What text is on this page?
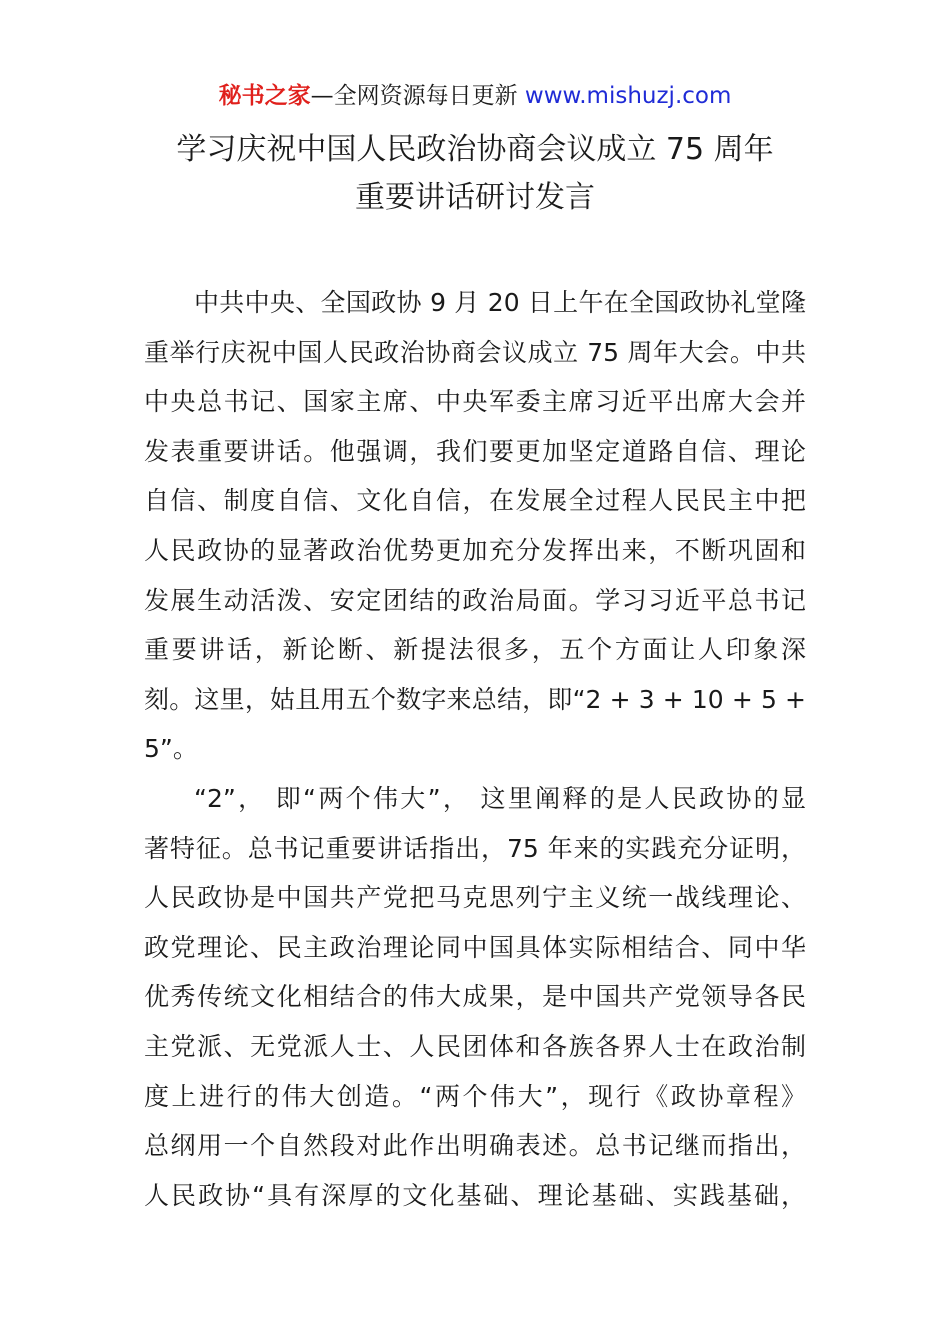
秘书之家—全网资源每日更新 www.mishuzj.com
学习庆祝中国人民政治协商会议成立 75 周年
重要讲话研讨发言
中共中央、全国政协 9 月 20 日上午在全国政协礼堂隆
重举行庆祝中国人民政治协商会议成立 75 周年大会。中共
中央总书记、国家主席、中央军委主席习近平出席大会并
发表重要讲话。他强调，我们要更加坚定道路自信、理论
自信、制度自信、文化自信，在发展全过程人民民主中把
人民政协的显著政治优势更加充分发挥出来，不断巩固和
发展生动活泼、安定团结的政治局面。学习习近平总书记
重要讲话，新论断、新提法很多，五个方面让人印象深
刻。这里，姑且用五个数字来总结，即“2 + 3 + 10 + 5 +
5”。
“2”， 即“两个伟大”， 这里阐释的是人民政协的显
著特征。总书记重要讲话指出，75 年来的实践充分证明，
人民政协是中国共产党把马克思列宁主义统一战线理论、
政党理论、民主政治理论同中国具体实际相结合、同中华
优秀传统文化相结合的伟大成果，是中国共产党领导各民
主党派、无党派人士、人民团体和各族各界人士在政治制
度上进行的伟大创造。“两个伟大”，现行《政协章程》
总纲用一个自然段对此作出明确表述。总书记继而指出，
人民政协“具有深厚的文化基础、理论基础、实践基础，
